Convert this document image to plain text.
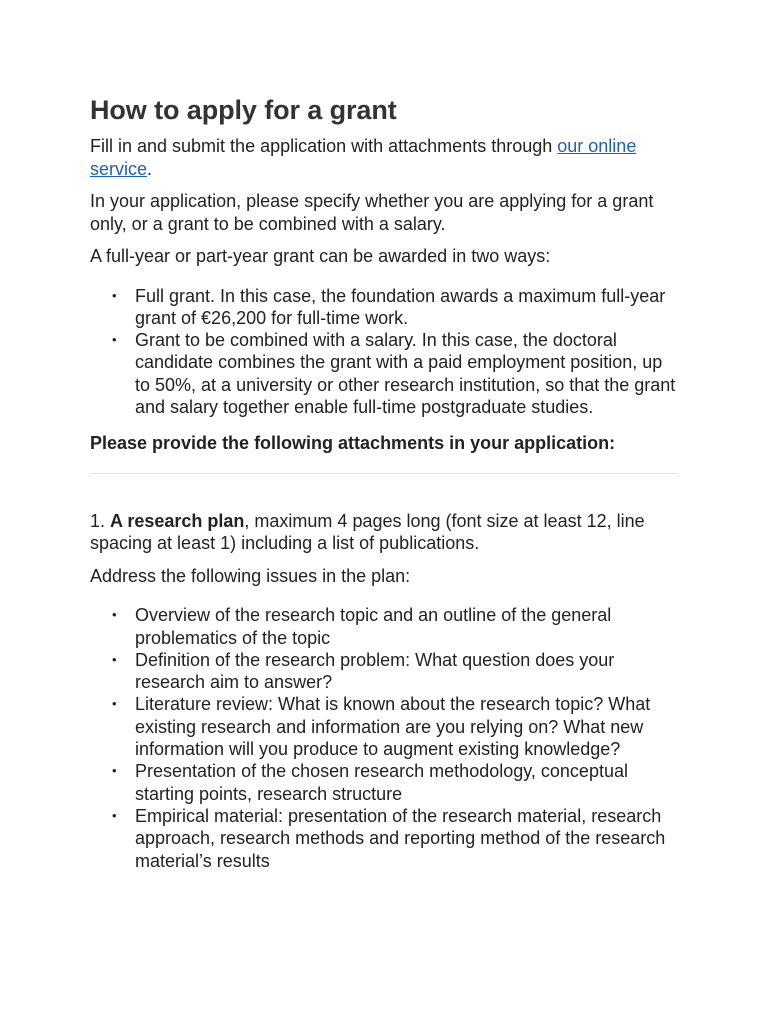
How to apply for a grant

Fill in and submit the application with attachments through our online service.

In your application, please specify whether you are applying for a grant only, or a grant to be combined with a salary.

A full-year or part-year grant can be awarded in two ways:

• Full grant. In this case, the foundation awards a maximum full-year grant of €26,200 for full-time work.
• Grant to be combined with a salary. In this case, the doctoral candidate combines the grant with a paid employment position, up to 50%, at a university or other research institution, so that the grant and salary together enable full-time postgraduate studies.

Please provide the following attachments in your application:

1. A research plan, maximum 4 pages long (font size at least 12, line spacing at least 1) including a list of publications.

Address the following issues in the plan:

• Overview of the research topic and an outline of the general problematics of the topic
• Definition of the research problem: What question does your research aim to answer?
• Literature review: What is known about the research topic? What existing research and information are you relying on? What new information will you produce to augment existing knowledge?
• Presentation of the chosen research methodology, conceptual starting points, research structure
• Empirical material: presentation of the research material, research approach, research methods and reporting method of the research material’s results
